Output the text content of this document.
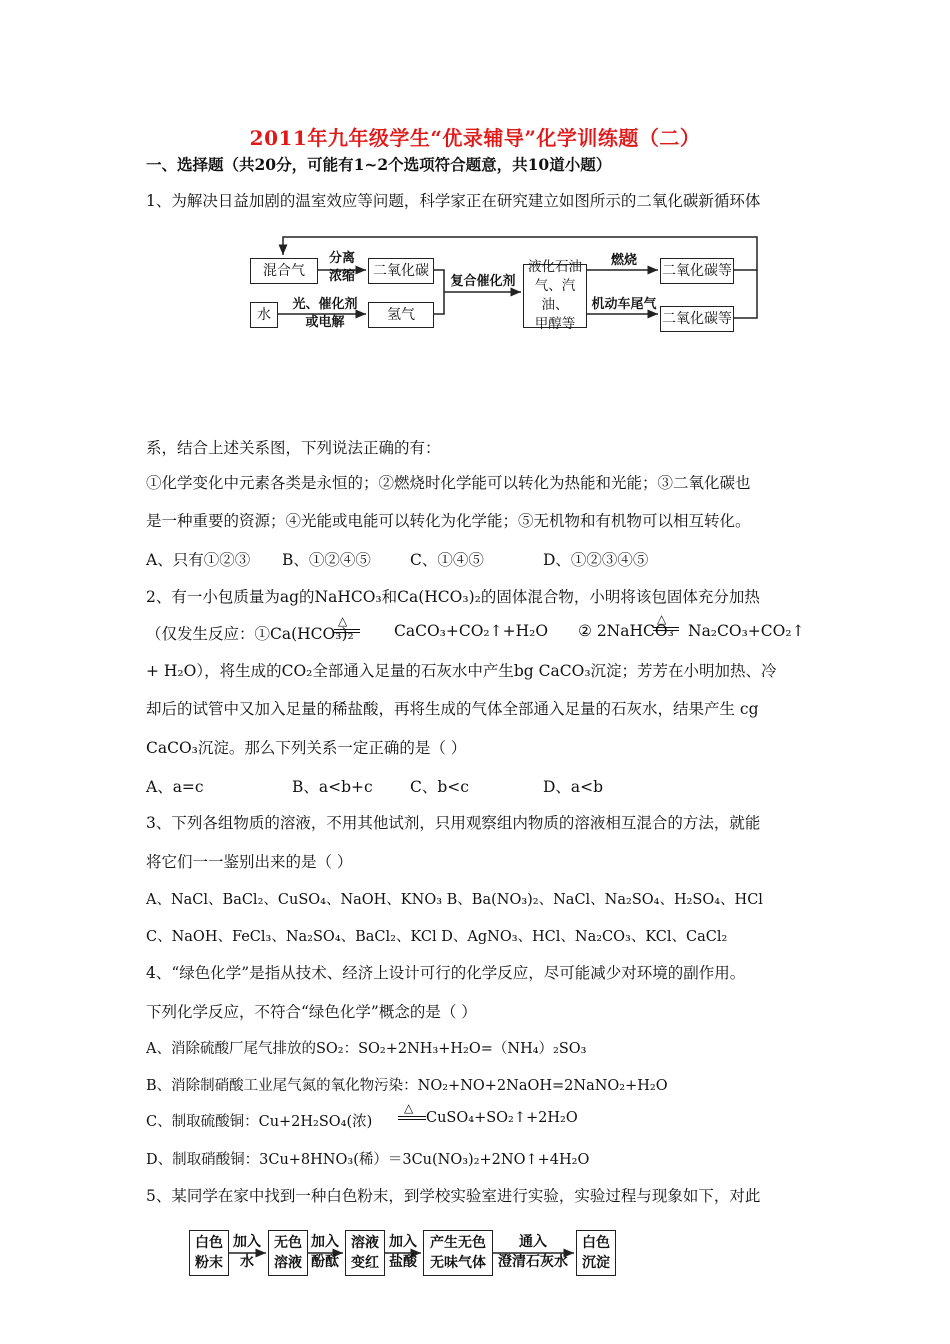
2011年九年级学生“优录辅导”化学训练题（二）
一、选择题（共20分，可能有1~2个选项符合题意，共10道小题）
1、为解决日益加剧的温室效应等问题，科学家正在研究建立如图所示的二氧化碳新循环体
混合气
水
分离
浓缩
光、催化剂
或电解
二氧化碳
氢气
复合催化剂
液化石油
气、汽油、
甲醇等
燃烧
机动车尾气
二氧化碳等
二氧化碳等
系，结合上述关系图，下列说法正确的有：
①化学变化中元素各类是永恒的；②燃烧时化学能可以转化为热能和光能；③二氧化碳也
是一种重要的资源；④光能或电能可以转化为化学能；⑤无机物和有机物可以相互转化。
A、只有①②③ B、①②④⑤	C、①④⑤	D、①②③④⑤
2、有一小包质量为ag的NaHCO₃和Ca(HCO₃)₂的固体混合物，小明将该包固体充分加热
（仅发生反应：①Ca(HCO₃)₂
△
CaCO₃+CO₂↑+H₂O ② 2NaHCO₃
△
Na₂CO₃+CO₂↑
+ H₂O），将生成的CO₂全部通入足量的石灰水中产生bg CaCO₃沉淀；芳芳在小明加热、冷
却后的试管中又加入足量的稀盐酸，再将生成的气体全部通入足量的石灰水，结果产生 cg
CaCO₃沉淀。那么下列关系一定正确的是（ ）
A、a=c	B、a<b+c C、b<c	D、a<b
3、下列各组物质的溶液，不用其他试剂，只用观察组内物质的溶液相互混合的方法，就能
将它们一一鉴别出来的是（ ）
A、NaCl、BaCl₂、CuSO₄、NaOH、KNO₃ B、Ba(NO₃)₂、NaCl、Na₂SO₄、H₂SO₄、HCl
C、NaOH、FeCl₃、Na₂SO₄、BaCl₂、KCl D、AgNO₃、HCl、Na₂CO₃、KCl、CaCl₂
4、“绿色化学”是指从技术、经济上设计可行的化学反应，尽可能减少对环境的副作用。
下列化学反应，不符合“绿色化学”概念的是（ ）
A、消除硫酸厂尾气排放的SO₂：SO₂+2NH₃+H₂O=（NH₄）₂SO₃
B、消除制硝酸工业尾气氮的氧化物污染：NO₂+NO+2NaOH=2NaNO₂+H₂O
C、制取硫酸铜：Cu+2H₂SO₄(浓)
△
CuSO₄+SO₂↑+2H₂O
D、制取硝酸铜：3Cu+8HNO₃(稀）＝3Cu(NO₃)₂+2NO↑+4H₂O
5、某同学在家中找到一种白色粉末，到学校实验室进行实验，实验过程与现象如下，对此
白色
粉末
加入
水
无色
溶液
加入
酚酞
溶液
变红
加入
盐酸
产生无色
无味气体
通入
澄清石灰水
白色
沉淀
